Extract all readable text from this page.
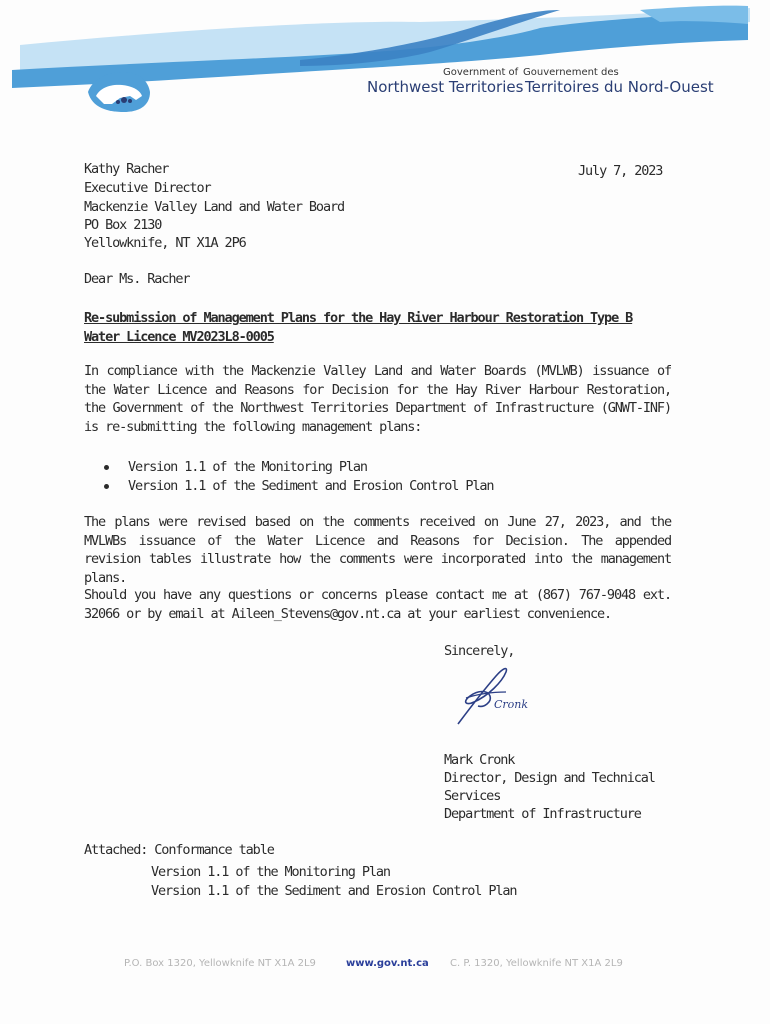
Government of Gouvernement des
Northwest Territories Territoires du Nord-Ouest
Kathy Racher
Executive Director
Mackenzie Valley Land and Water Board
PO Box 2130
Yellowknife, NT X1A 2P6
July 7, 2023
Dear Ms. Racher
Re-submission of Management Plans for the Hay River Harbour Restoration Type B
Water Licence MV2023L8-0005
In compliance with the Mackenzie Valley Land and Water Boards (MVLWB) issuance of the Water Licence and Reasons for Decision for the Hay River Harbour Restoration, the Government of the Northwest Territories Department of Infrastructure (GNWT-INF) is re-submitting the following management plans:
Version 1.1 of the Monitoring Plan
Version 1.1 of the Sediment and Erosion Control Plan
The plans were revised based on the comments received on June 27, 2023, and the MVLWBs issuance of the Water Licence and Reasons for Decision. The appended revision tables illustrate how the comments were incorporated into the management plans.
Should you have any questions or concerns please contact me at (867) 767-9048 ext. 32066 or by email at Aileen_Stevens@gov.nt.ca at your earliest convenience.
Sincerely,
Cronk
Mark Cronk
Director, Design and Technical
Services
Department of Infrastructure
Attached: Conformance table
Version 1.1 of the Monitoring Plan
Version 1.1 of the Sediment and Erosion Control Plan
P.O. Box 1320, Yellowknife NT X1A 2L9	www.gov.nt.ca C. P. 1320, Yellowknife NT X1A 2L9
